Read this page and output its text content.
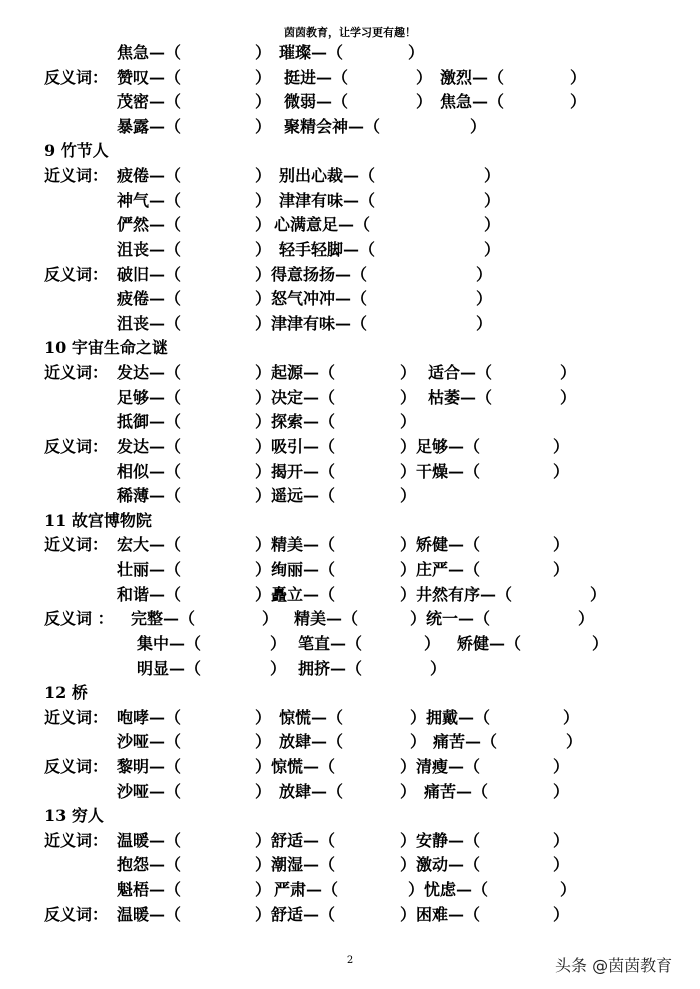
茵茵教育，让学习更有趣！
焦急—（	） 璀璨—（	）
反义词： 赞叹—（	） 挺进—（	） 激烈—（	）
茂密—（	） 微弱—（	） 焦急—（	）
暴露—（	） 聚精会神—（	）
9 竹节人
近义词： 疲倦—（	） 别出心裁—（	）
神气—（	） 津津有味—（	）
俨然—（	） 心满意足—（	）
沮丧—（	） 轻手轻脚—（	）
反义词： 破旧—（	）得意扬扬—（	）
疲倦—（	）怒气冲冲—（	）
沮丧—（	）津津有味—（	）
10 宇宙生命之谜
近义词： 发达—（	）起源—（	） 适合—（	）
足够—（	）决定—（	） 枯萎—（	）
抵御—（	）探索—（	）
反义词： 发达—（	）吸引—（	）足够—（	）
相似—（	）揭开—（	）干燥—（	）
稀薄—（	）遥远—（	）
11 故宫博物院
近义词： 宏大—（	）精美—（	）矫健—（	）
壮丽—（	）绚丽—（	）庄严—（	）
和谐—（	）矗立—（	）井然有序—（	）
反义词 ： 完整—（	） 精美—（	）统一—（	）
集中—（	） 笔直—（	） 矫健—（	）
明显—（	） 拥挤—（	）
12 桥
近义词： 咆哮—（	） 惊慌—（	）拥戴—（	）
沙哑—（	） 放肆—（	） 痛苦—（	）
反义词： 黎明—（	）惊慌—（	）清瘦—（	）
沙哑—（	） 放肆—（	） 痛苦—（	）
13 穷人
近义词： 温暖—（	）舒适—（	）安静—（	）
抱怨—（	）潮湿—（	）激动—（	）
魁梧—（	） 严肃—（	）忧虑—（	）
反义词： 温暖—（	）舒适—（	）困难—（	）
2	头条 @茵茵教育
